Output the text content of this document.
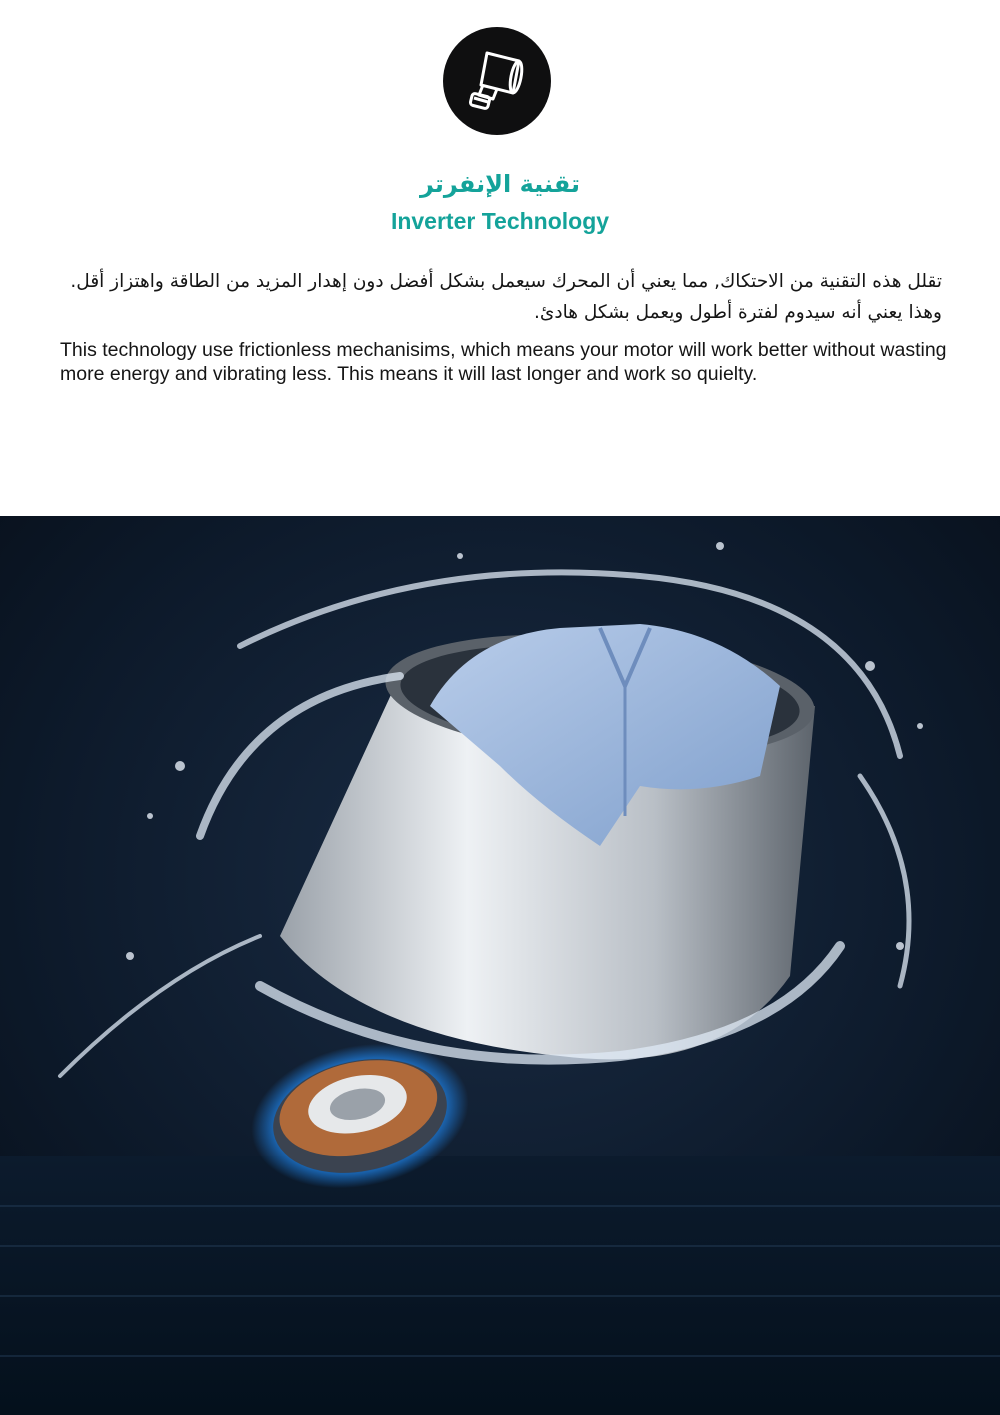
تقنية الإنفرتر
Inverter Technology
تقلل هذه التقنية من الاحتكاك, مما يعني أن المحرك سيعمل بشكل أفضل دون إهدار المزيد من الطاقة واهتزاز أقل. وهذا يعني أنه سيدوم لفترة أطول ويعمل بشكل هادئ.
This technology use frictionless mechanisims, which means your motor will work better without wasting more energy and vibrating less. This means it will last longer and work so quielty.
